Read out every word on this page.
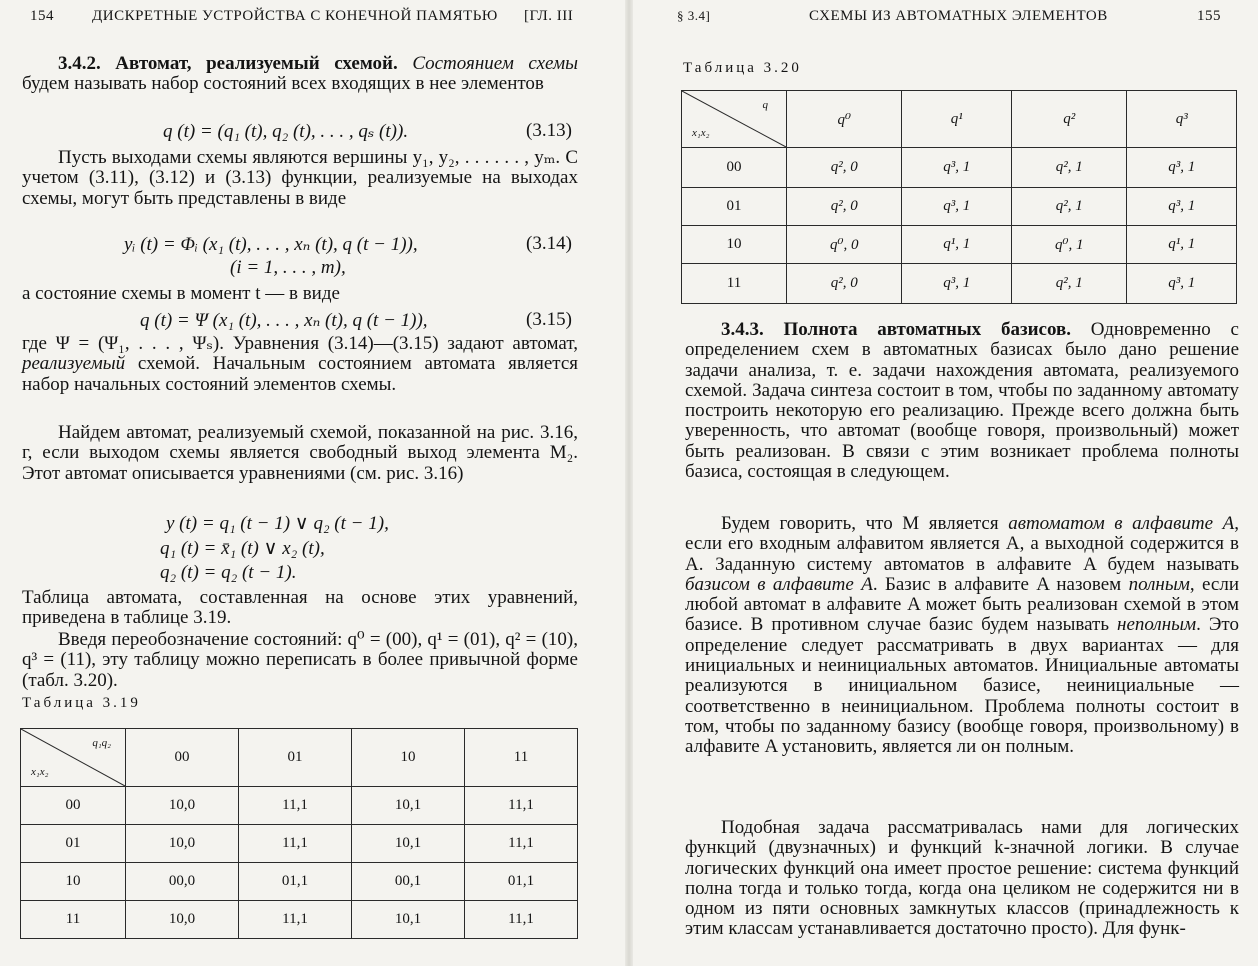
154	ДИСКРЕТНЫЕ УСТРОЙСТВА С КОНЕЧНОЙ ПАМЯТЬЮ [ГЛ. III

3.4.2. Автомат, реализуемый схемой. Состоянием схемы будем называть набор состояний всех входящих в нее элементов

q (t) = (q₁ (t), q₂ (t), . . . , qₛ (t)).	(3.13)

Пусть выходами схемы являются вершины y₁, y₂, . . . . . . , yₘ. С учетом (3.11), (3.12) и (3.13) функции, реализуемые на выходах схемы, могут быть представлены в виде

yᵢ (t) = Φᵢ (x₁ (t), . . . , xₙ (t), q (t − 1)),
(i = 1, . . . , m),
(3.14)

а состояние схемы в момент t — в виде

q (t) = Ψ (x₁ (t), . . . , xₙ (t), q (t − 1)),	(3.15)

где Ψ = (Ψ₁, . . . , Ψₛ). Уравнения (3.14)—(3.15) задают автомат, реализуемый схемой. Начальным состоянием автомата является набор начальных состояний элементов схемы.

Найдем автомат, реализуемый схемой, показанной на рис. 3.16, г, если выходом схемы является свободный выход элемента M₂. Этот автомат описывается уравнениями (см. рис. 3.16)

y (t) = q₁ (t − 1) ∨ q₂ (t − 1),
q₁ (t) = x̄₁ (t) ∨ x₂ (t),
q₂ (t) = q₂ (t − 1).

Таблица автомата, составленная на основе этих уравнений, приведена в таблице 3.19.

Введя переобозначение состояний: q⁰ = (00), q¹ = (01), q² = (10), q³ = (11), эту таблицу можно переписать в более привычной форме (табл. 3.20).

Таблица 3.19
q₁q₂
x₁x₂	00	01	10	11
00	10,0	11,1	10,1	11,1
01	10,0	11,1	10,1	11,1
10	00,0	01,1	00,1	01,1
11	10,0	11,1	10,1	11,1
§ 3.4]	СХЕМЫ ИЗ АВТОМАТНЫХ ЭЛЕМЕНТОВ	155
Таблица 3.20
q
x₁x₂	q⁰	q¹	q²	q³
00	q², 0	q³, 1	q², 1	q³, 1
01	q², 0	q³, 1	q², 1	q³, 1
10	q⁰, 0	q¹, 1	q⁰, 1	q¹, 1
11	q², 0	q³, 1	q², 1	q³, 1

3.4.3. Полнота автоматных базисов. Одновременно с определением схем в автоматных базисах было дано решение задачи анализа, т. е. задачи нахождения автомата, реализуемого схемой. Задача синтеза состоит в том, чтобы по заданному автомату построить некоторую его реализацию. Прежде всего должна быть уверенность, что автомат (вообще говоря, произвольный) может быть реализован. В связи с этим возникает проблема полноты базиса, состоящая в следующем.

Будем говорить, что M является автоматом в алфавите A, если его входным алфавитом является A, а выходной содержится в A. Заданную систему автоматов в алфавите A будем называть базисом в алфавите A. Базис в алфавите A назовем полным, если любой автомат в алфавите A может быть реализован схемой в этом базисе. В противном случае базис будем называть неполным. Это определение следует рассматривать в двух вариантах — для инициальных и неинициальных автоматов. Инициальные автоматы реализуются в инициальном базисе, неинициальные — соответственно в неинициальном. Проблема полноты состоит в том, чтобы по заданному базису (вообще говоря, произвольному) в алфавите A установить, является ли он полным.

Подобная задача рассматривалась нами для логических функций (двузначных) и функций k-значной логики. В случае логических функций она имеет простое решение: система функций полна тогда и только тогда, когда она целиком не содержится ни в одном из пяти основных замкнутых классов (принадлежность к этим классам устанавливается достаточно просто). Для функ-
